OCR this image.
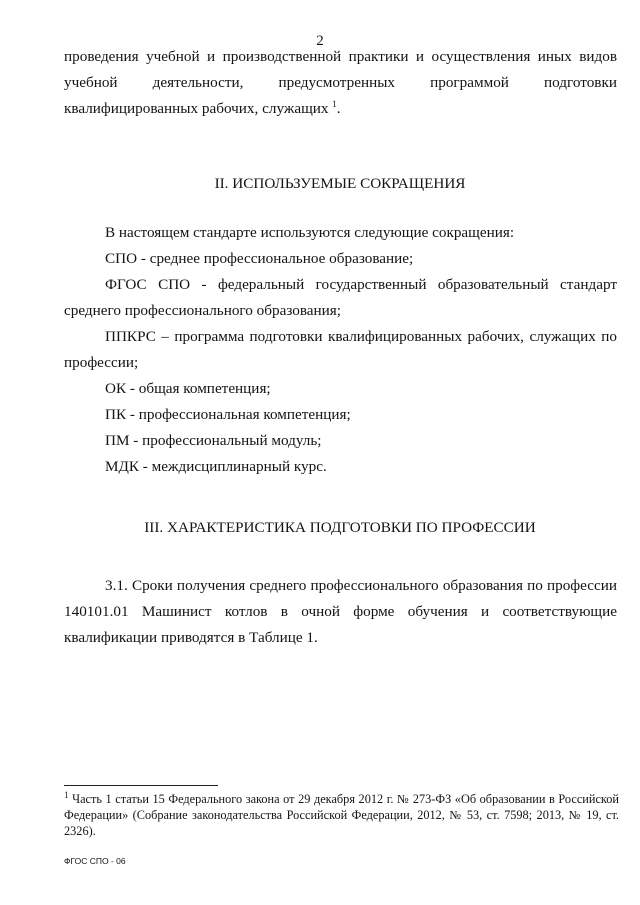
2
проведения учебной и производственной практики и осуществления иных видов учебной деятельности, предусмотренных программой подготовки квалифицированных рабочих, служащих $^1$.
II. ИСПОЛЬЗУЕМЫЕ СОКРАЩЕНИЯ
В настоящем стандарте используются следующие сокращения:
СПО - среднее профессиональное образование;
ФГОС СПО - федеральный государственный образовательный стандарт среднего профессионального образования;
ППКРС – программа подготовки квалифицированных рабочих, служащих по профессии;
ОК - общая компетенция;
ПК - профессиональная компетенция;
ПМ - профессиональный модуль;
МДК - междисциплинарный курс.
III. ХАРАКТЕРИСТИКА ПОДГОТОВКИ ПО ПРОФЕССИИ
3.1. Сроки получения среднего профессионального образования по профессии 140101.01 Машинист котлов в очной форме обучения и соответствующие квалификации приводятся в Таблице 1.
$^1$ Часть 1 статьи 15 Федерального закона от 29 декабря 2012 г. № 273-ФЗ «Об образовании в Российской Федерации» (Собрание законодательства Российской Федерации, 2012, № 53, ст. 7598; 2013, № 19, ст. 2326).
ФГОС СПО - 06
